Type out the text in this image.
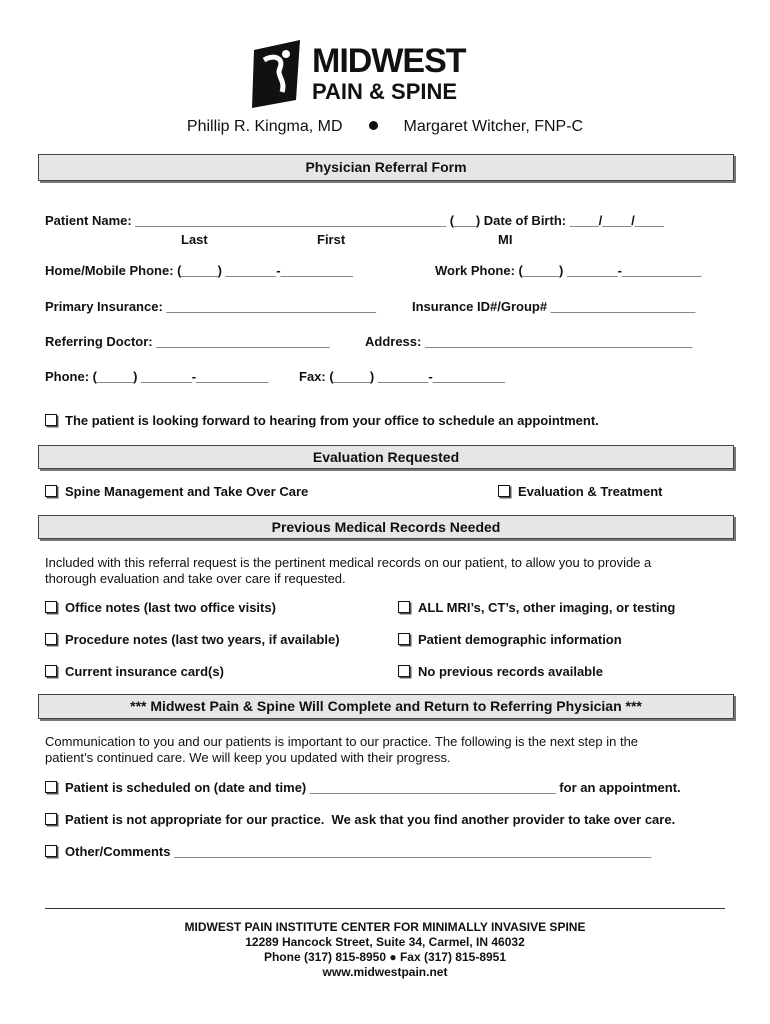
MIDWEST
PAIN & SPINE
Phillip R. Kingma, MD	Margaret Witcher, FNP-C
Physician Referral Form
Patient Name: ___________________________________________ (___) Date of Birth: ____/____/____
Last	First	MI
Home/Mobile Phone: (_____) _______-__________	Work Phone: (_____) _______-___________
Primary Insurance: _____________________________	Insurance ID#/Group# ____________________
Referring Doctor: ________________________	Address: _____________________________________
Phone: (_____) _______-__________ Fax: (_____) _______-__________
The patient is looking forward to hearing from your office to schedule an appointment.
Evaluation Requested
Spine Management and Take Over Care	Evaluation & Treatment
Previous Medical Records Needed
Included with this referral request is the pertinent medical records on our patient, to allow you to provide a
thorough evaluation and take over care if requested.
Office notes (last two office visits)	ALL MRI’s, CT’s, other imaging, or testing
Procedure notes (last two years, if available)	Patient demographic information
Current insurance card(s)	No previous records available
*** Midwest Pain & Spine Will Complete and Return to Referring Physician ***
Communication to you and our patients is important to our practice. The following is the next step in the
patient’s continued care. We will keep you updated with their progress.
Patient is scheduled on (date and time) __________________________________ for an appointment.
Patient is not appropriate for our practice.  We ask that you find another provider to take over care.
Other/Comments __________________________________________________________________
MIDWEST PAIN INSTITUTE CENTER FOR MINIMALLY INVASIVE SPINE
12289 Hancock Street, Suite 34, Carmel, IN 46032
Phone (317) 815-8950 ● Fax (317) 815-8951
www.midwestpain.net
